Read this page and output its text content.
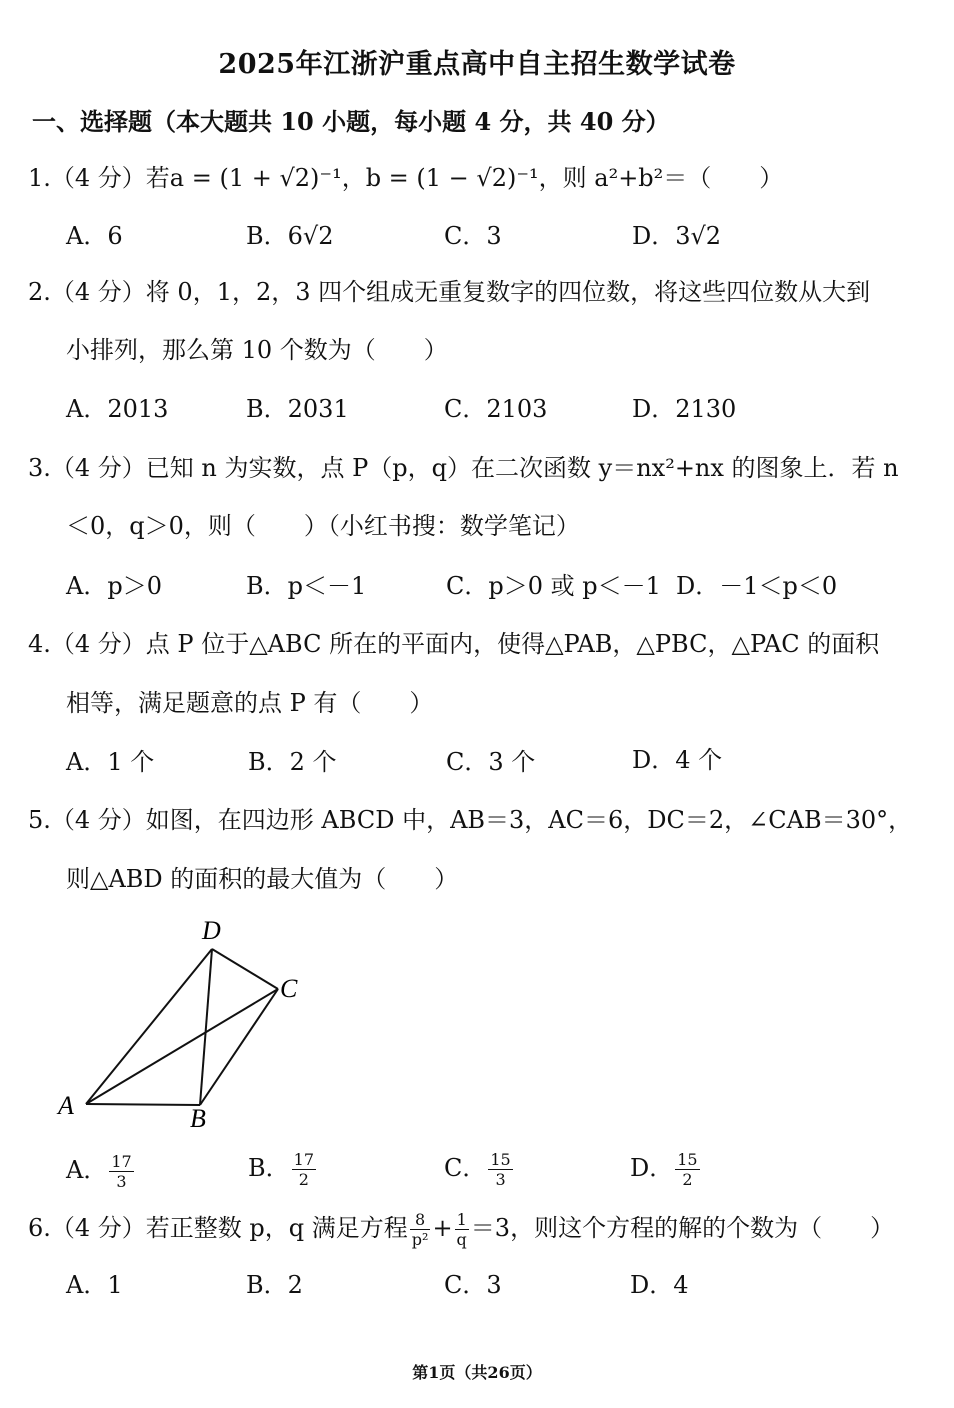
2025年江浙沪重点高中自主招生数学试卷
一、选择题（本大题共 10 小题，每小题 4 分，共 40 分）
1.（4 分）若a = (1 + √2)⁻¹，b = (1 − √2)⁻¹，则 a²+b²＝（　　）
A．6	B．6√2	C．3	D．3√2
2.（4 分）将 0，1，2，3 四个组成无重复数字的四位数，将这些四位数从大到
小排列，那么第 10 个数为（　　）
A．2013	B．2031	C．2103	D．2130
3.（4 分）已知 n 为实数，点 P（p，q）在二次函数 y＝nx²+nx 的图象上．若 n
＜0，q＞0，则（　　）（小红书搜：数学笔记）
A．p＞0	B．p＜－1	C．p＞0 或 p＜－1 D．－1＜p＜0
4.（4 分）点 P 位于△ABC 所在的平面内，使得△PAB，△PBC，△PAC 的面积
相等，满足题意的点 P 有（　　）
A．1 个	B．2 个	C．3 个	D．4 个
5.（4 分）如图，在四边形 ABCD 中，AB＝3，AC＝6，DC＝2，∠CAB＝30°，
则△ABD 的面积的最大值为（　　）
A	B
C
D
A． $\frac{17}{3}$	B． $\frac{17}{2}$	C． $\frac{15}{3}$	D． $\frac{15}{2}$
6.（4 分）若正整数 p，q 满足方程 $\frac{8}{\text{p²}} + \frac{1}{q} =3$，则这个方程的解的个数为（　　）
A．1	B．2	C．3	D．4
第1页（共26页）
